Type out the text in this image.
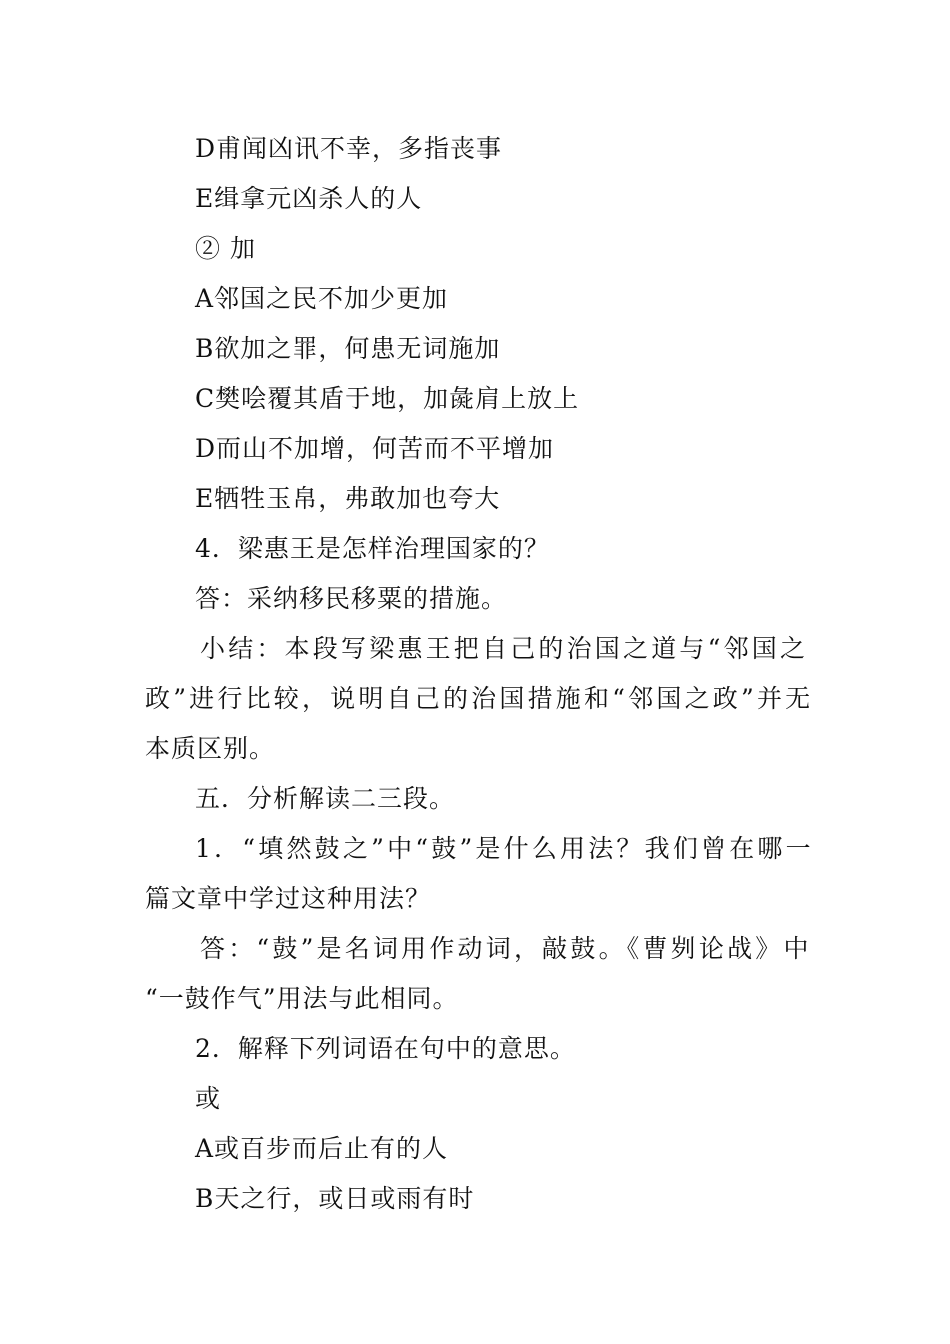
D甫闻凶讯不幸，多指丧事
E缉拿元凶杀人的人
② 加
A邻国之民不加少更加
B欲加之罪，何患无词施加
C樊哙覆其盾于地，加彘肩上放上
D而山不加增，何苦而不平增加
E牺牲玉帛，弗敢加也夸大
4．梁惠王是怎样治理国家的？
答：采纳移民移粟的措施。
小结：本段写梁惠王把自己的治国之道与“邻国之
政”进行比较，说明自己的治国措施和“邻国之政”并无
本质区别。
五．分析解读二三段。
1．“填然鼓之”中“鼓”是什么用法？我们曾在哪一
篇文章中学过这种用法？
答：“鼓”是名词用作动词，敲鼓。《曹刿论战》中
“一鼓作气”用法与此相同。
2．解释下列词语在句中的意思。
或
A或百步而后止有的人
B天之行，或日或雨有时
